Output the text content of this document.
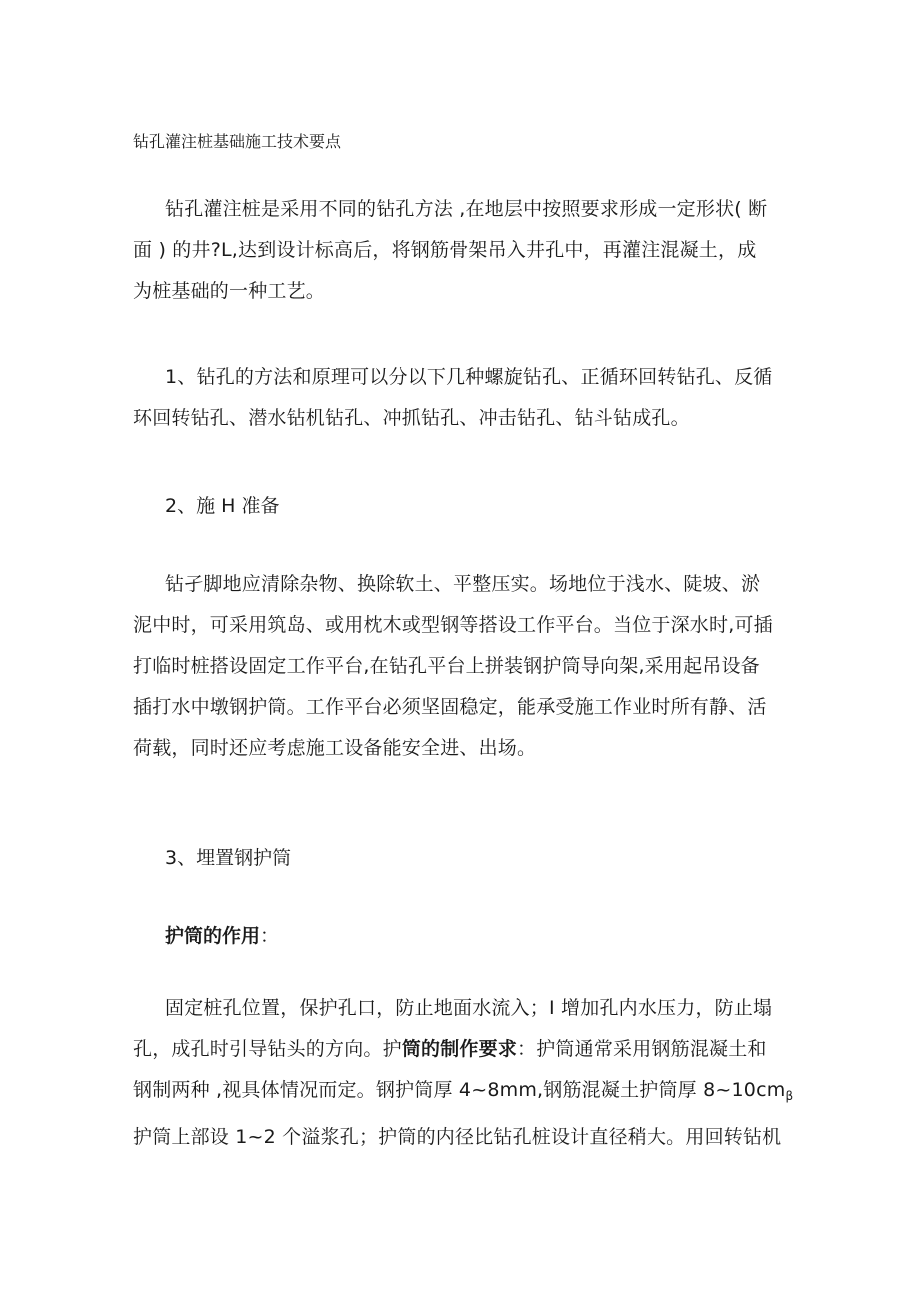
钻孔灌注桩基础施工技术要点

钻孔灌注桩是采用不同的钻孔方法 ,在地层中按照要求形成一定形状( 断
面 ) 的井?L,达到设计标高后，将钢筋骨架吊入井孔中，再灌注混凝土，成
为桩基础的一种工艺。

1、钻孔的方法和原理可以分以下几种螺旋钻孔、正循环回转钻孔、反循
环回转钻孔、潜水钻机钻孔、冲抓钻孔、冲击钻孔、钻斗钻成孔。

2、施 H 准备

钻孑脚地应清除杂物、换除软土、平整压实。场地位于浅水、陡坡、淤
泥中时，可采用筑岛、或用枕木或型钢等搭设工作平台。当位于深水时,可插
打临时桩搭设固定工作平台,在钻孔平台上拼装钢护筒导向架,采用起吊设备
插打水中墩钢护筒。工作平台必须坚固稳定，能承受施工作业时所有静、活
荷载，同时还应考虑施工设备能安全进、出场。

3、埋置钢护筒

护筒的作用：

固定桩孔位置，保护孔口，防止地面水流入；I 增加孔内水压力，防止塌
孔，成孔时引导钻头的方向。护筒的制作要求：护筒通常采用钢筋混凝土和
钢制两种 ,视具体情况而定。钢护筒厚 4~8mm,钢筋混凝土护筒厚 $8\sim 10cm_\beta$
护筒上部设 1~2 个溢浆孔；护筒的内径比钻孔桩设计直径稍大。用回转钻机
